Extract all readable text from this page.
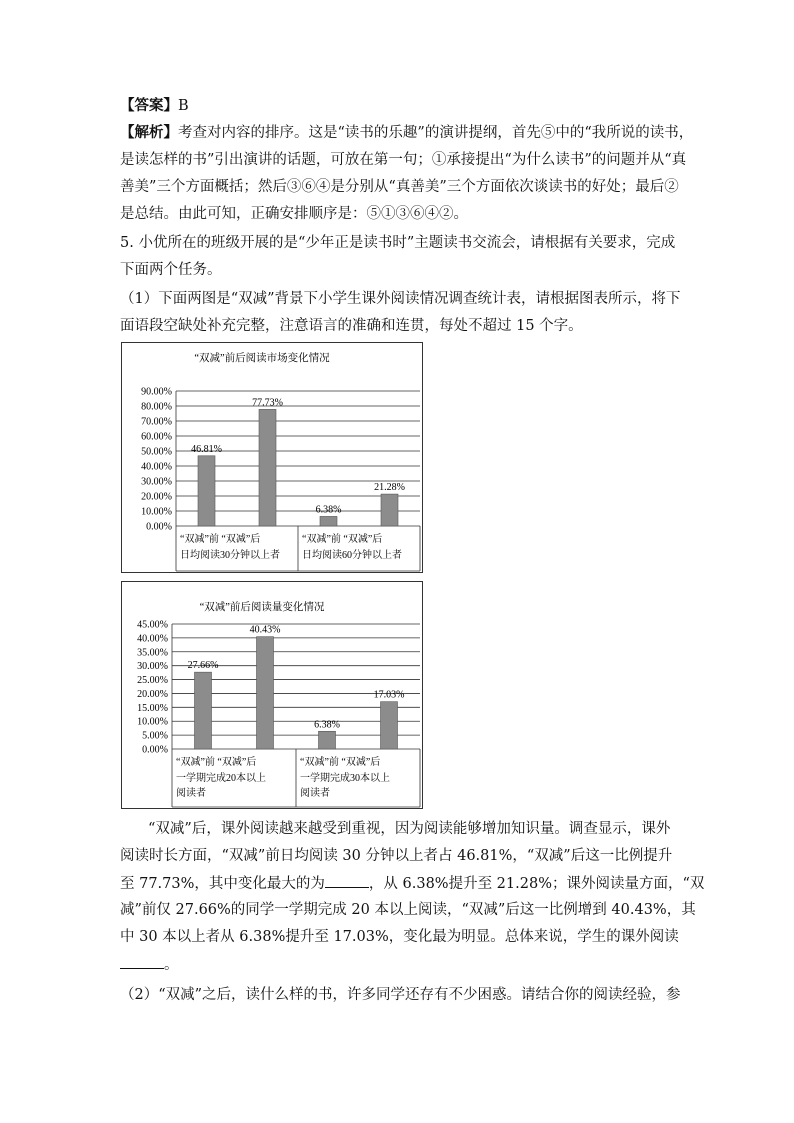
【答案】B
【解析】考查对内容的排序。这是“读书的乐趣”的演讲提纲，首先⑤中的“我所说的读书，
是读怎样的书”引出演讲的话题，可放在第一句；①承接提出“为什么读书”的问题并从“真
善美”三个方面概括；然后③⑥④是分别从“真善美”三个方面依次谈读书的好处；最后②
是总结。由此可知，正确安排顺序是：⑤①③⑥④②。
5. 小优所在的班级开展的是“少年正是读书时”主题读书交流会，请根据有关要求，完成
下面两个任务。
（1）下面两图是“双减”背景下小学生课外阅读情况调查统计表，请根据图表所示，将下
面语段空缺处补充完整，注意语言的准确和连贯，每处不超过 15 个字。
“双减”前后阅读市场变化情况
0.00%
10.00%
20.00%
30.00%
40.00%
50.00%
60.00%
70.00%
80.00%
90.00%
46.81%
77.73%
6.38%
21.28%
“双减”前 “双减”后
日均阅读30分钟以上者
“双减”前 “双减”后
日均阅读60分钟以上者
“双减”前后阅读量变化情况
0.00%
5.00%
10.00%
15.00%
20.00%
25.00%
30.00%
35.00%
40.00%
45.00%
27.66%
40.43%
6.38%
17.03%
“双减”前 “双减”后
一学期完成20本以上
阅读者
“双减”前 “双减”后
一学期完成30本以上
阅读者
“双减”后，课外阅读越来越受到重视，因为阅读能够增加知识量。调查显示，课外
阅读时长方面，“双减”前日均阅读 30 分钟以上者占 46.81%，“双减”后这一比例提升
至 77.73%，其中变化最大的为	，从 6.38%提升至 21.28%；课外阅读量方面，“双
减”前仅 27.66%的同学一学期完成 20 本以上阅读，“双减”后这一比例增到 40.43%，其
中 30 本以上者从 6.38%提升至 17.03%，变化最为明显。总体来说，学生的课外阅读
。
（2）“双减”之后，读什么样的书，许多同学还存有不少困惑。请结合你的阅读经验，参
